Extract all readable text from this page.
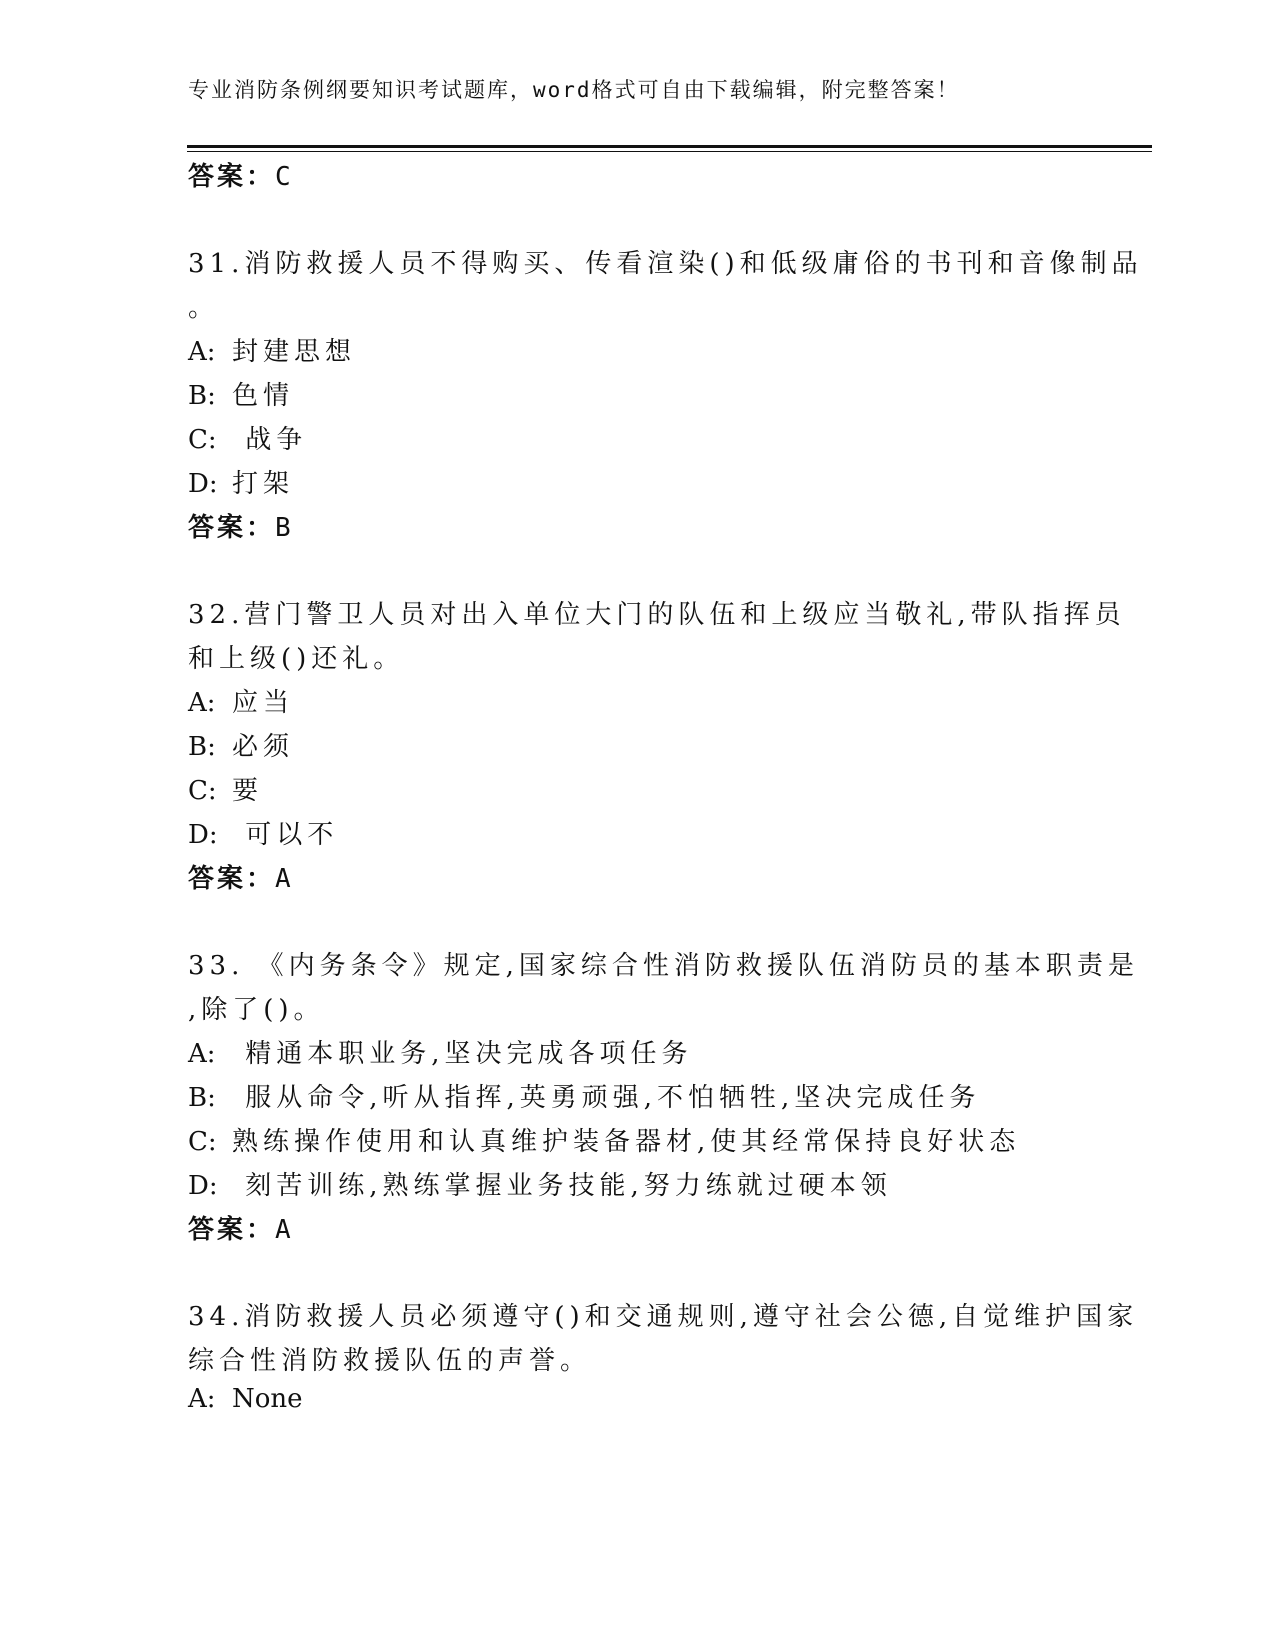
专业消防条例纲要知识考试题库，word格式可自由下载编辑，附完整答案！
答案：C
31.消防救援人员不得购买、传看渲染()和低级庸俗的书刊和音像制品
。
A: 封建思想
B: 色情
C: 战争
D: 打架
答案：B
32.营门警卫人员对出入单位大门的队伍和上级应当敬礼,带队指挥员
和上级()还礼。
A: 应当
B: 必须
C: 要
D: 可以不
答案：A
33. 《内务条令》规定,国家综合性消防救援队伍消防员的基本职责是
,除了()。
A: 精通本职业务,坚决完成各项任务
B: 服从命令,听从指挥,英勇顽强,不怕牺牲,坚决完成任务
C: 熟练操作使用和认真维护装备器材,使其经常保持良好状态
D: 刻苦训练,熟练掌握业务技能,努力练就过硬本领
答案：A
34.消防救援人员必须遵守()和交通规则,遵守社会公德,自觉维护国家
综合性消防救援队伍的声誉。
A: None
